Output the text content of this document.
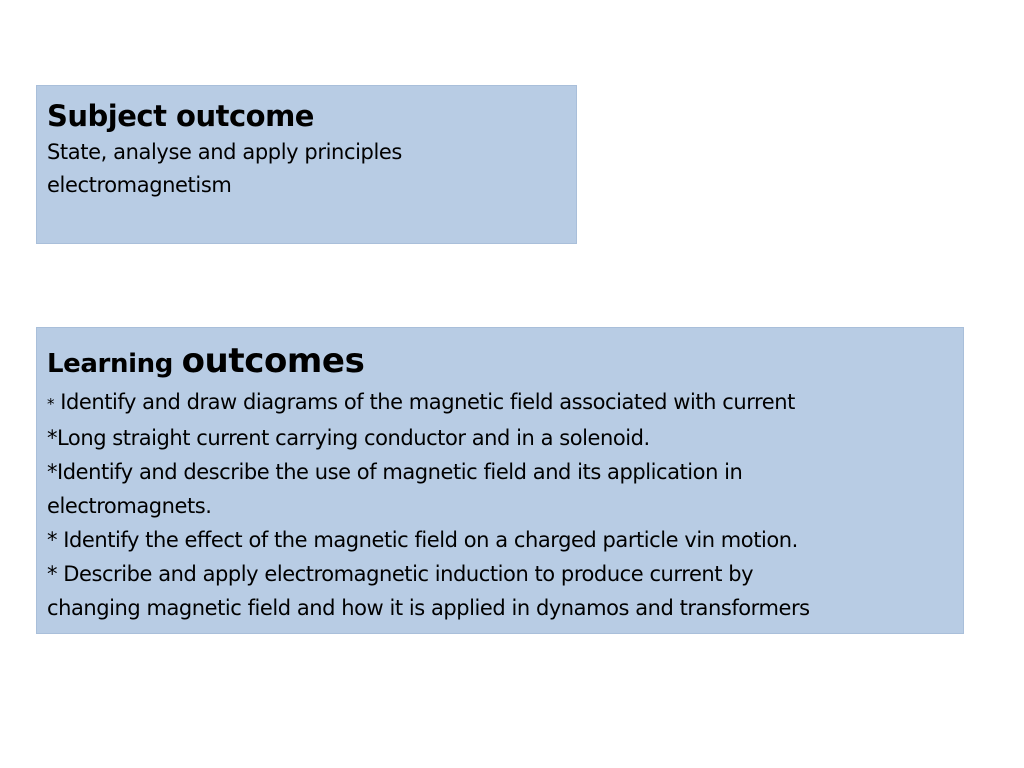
Subject outcome
State, analyse and apply principles
electromagnetism
Learning outcomes
* Identify and draw diagrams of the magnetic field associated with current
*Long straight current carrying conductor and in a solenoid.
*Identify and describe the use of magnetic field and its application in
electromagnets.
* Identify the effect of the magnetic field on a charged particle vin motion.
* Describe and apply electromagnetic induction to produce current by
changing magnetic field and how it is applied in dynamos and transformers
